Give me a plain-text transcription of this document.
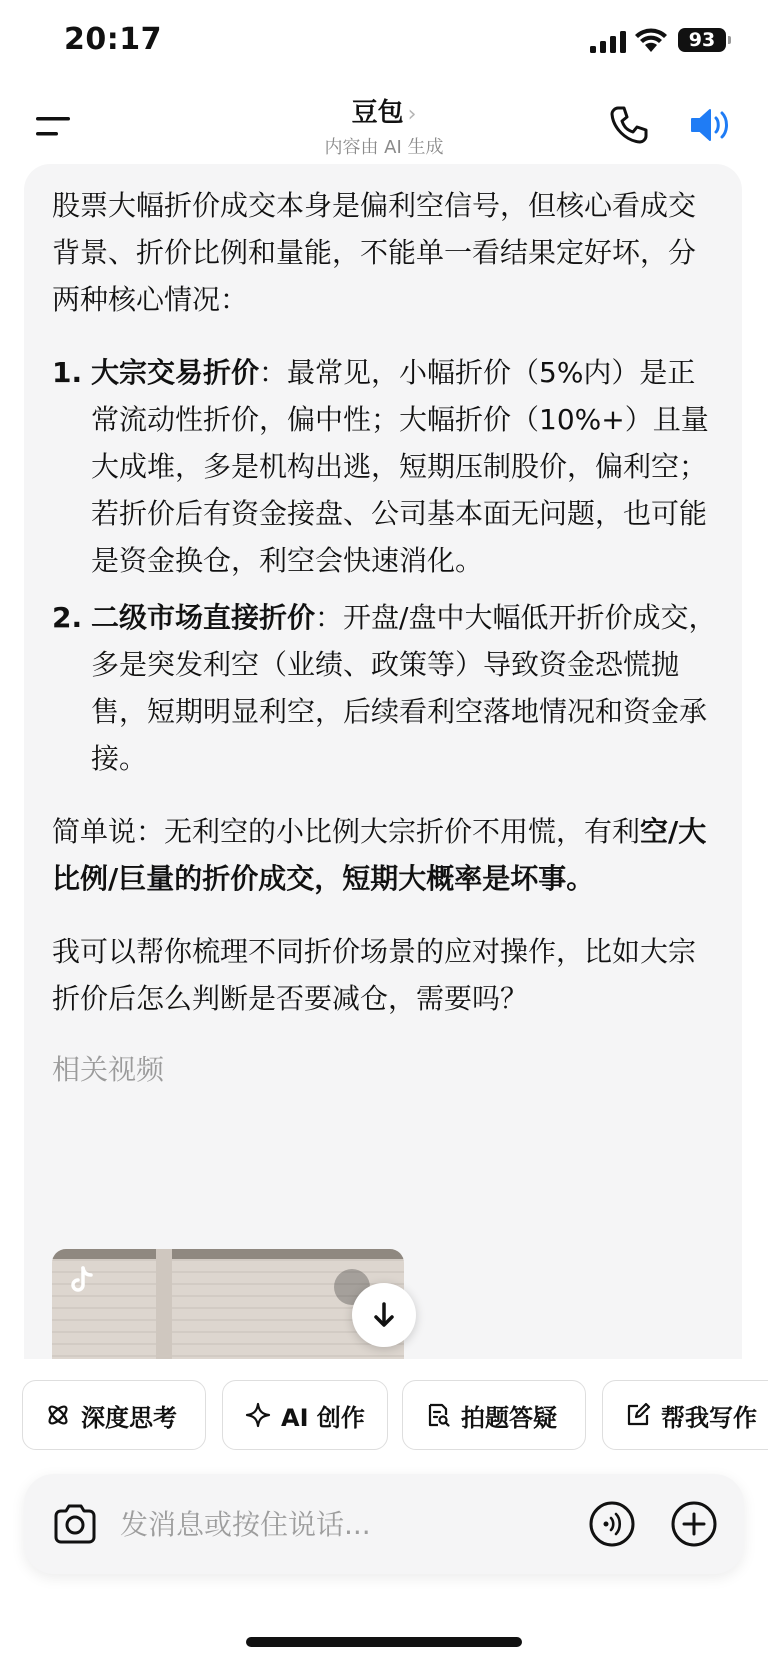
20:17	93
豆包 ›
内容由 AI 生成

股票大幅折价成交本身是偏利空信号，但核心看成交背景、折价比例和量能，不能单一看结果定好坏，分两种核心情况：

1. 大宗交易折价：最常见，小幅折价（5%内）是正常流动性折价，偏中性；大幅折价（10%+）且量大成堆，多是机构出逃，短期压制股价，偏利空；若折价后有资金接盘、公司基本面无问题，也可能是资金换仓，利空会快速消化。
2. 二级市场直接折价：开盘/盘中大幅低开折价成交，多是突发利空（业绩、政策等）导致资金恐慌抛售，短期明显利空，后续看利空落地情况和资金承接。

简单说：无利空的小比例大宗折价不用慌，有利空/大比例/巨量的折价成交，短期大概率是坏事。

我可以帮你梳理不同折价场景的应对操作，比如大宗折价后怎么判断是否要减仓，需要吗？

相关视频
深度思考	AI 创作	拍题答疑	帮我写作
发消息或按住说话...
